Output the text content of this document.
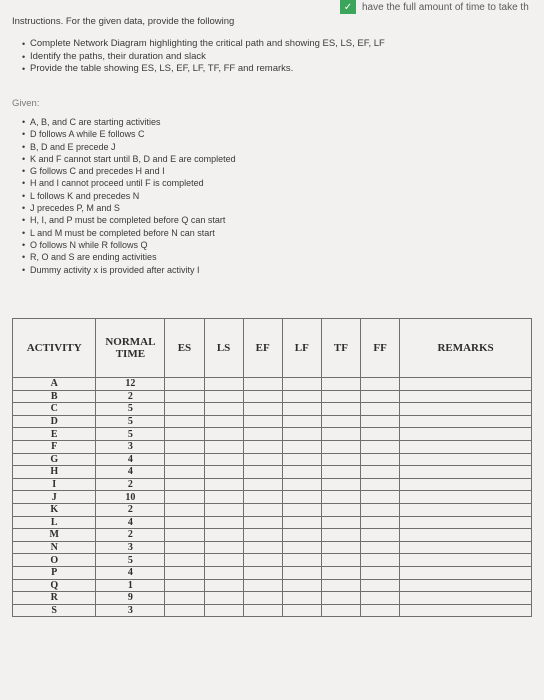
✓ have the full amount of time to take th
Instructions. For the given data, provide the following
• Complete Network Diagram highlighting the critical path and showing ES, LS, EF, LF
• Identify the paths, their duration and slack
• Provide the table showing ES, LS, EF, LF, TF, FF and remarks.
Given:
• A, B, and C are starting activities
• D follows A while E follows C
• B, D and E precede J
• K and F cannot start until B, D and E are completed
• G follows C and precedes H and I
• H and I cannot proceed until F is completed
• L follows K and precedes N
• J precedes P, M and S
• H, I, and P must be completed before Q can start
• L and M must be completed before N can start
• O follows N while R follows Q
• R, O and S are ending activities
• Dummy activity x is provided after activity I
ACTIVITY	NORMAL TIME	ES	LS	EF	LF	TF	FF	REMARKS
A	12							
B	2							
C	5							
D	5							
E	5							
F	3							
G	4							
H	4							
I	2							
J	10							
K	2							
L	4							
M	2							
N	3							
O	5							
P	4							
Q	1							
R	9							
S	3							
